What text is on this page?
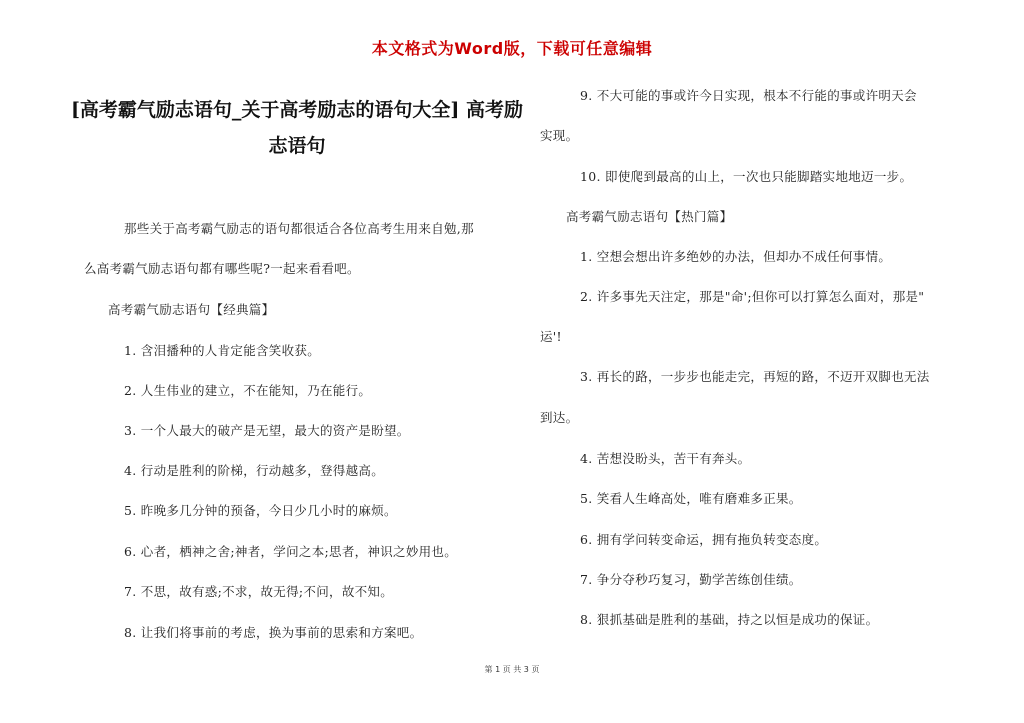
本文格式为Word版，下载可任意编辑
[高考霸气励志语句_关于高考励志的语句大全] 高考励志语句
那些关于高考霸气励志的语句都很适合各位高考生用来自勉,那
么高考霸气励志语句都有哪些呢?一起来看看吧。
高考霸气励志语句【经典篇】
1. 含泪播种的人肯定能含笑收获。
2. 人生伟业的建立，不在能知，乃在能行。
3. 一个人最大的破产是无望，最大的资产是盼望。
4. 行动是胜利的阶梯，行动越多，登得越高。
5. 昨晚多几分钟的预备，今日少几小时的麻烦。
6. 心者，栖神之舍;神者，学问之本;思者，神识之妙用也。
7. 不思，故有惑;不求，故无得;不问，故不知。
8. 让我们将事前的考虑，换为事前的思索和方案吧。
9. 不大可能的事或许今日实现，根本不行能的事或许明天会
实现。
10. 即使爬到最高的山上，一次也只能脚踏实地地迈一步。
高考霸气励志语句【热门篇】
1. 空想会想出许多绝妙的办法，但却办不成任何事情。
2. 许多事先天注定，那是"命';但你可以打算怎么面对，那是"
运'!
3. 再长的路，一步步也能走完，再短的路，不迈开双脚也无法
到达。
4. 苦想没盼头，苦干有奔头。
5. 笑看人生峰高处，唯有磨难多正果。
6. 拥有学问转变命运，拥有拖负转变态度。
7. 争分夺秒巧复习，勤学苦练创佳绩。
8. 狠抓基础是胜利的基础，持之以恒是成功的保证。
第 1 页 共 3 页
